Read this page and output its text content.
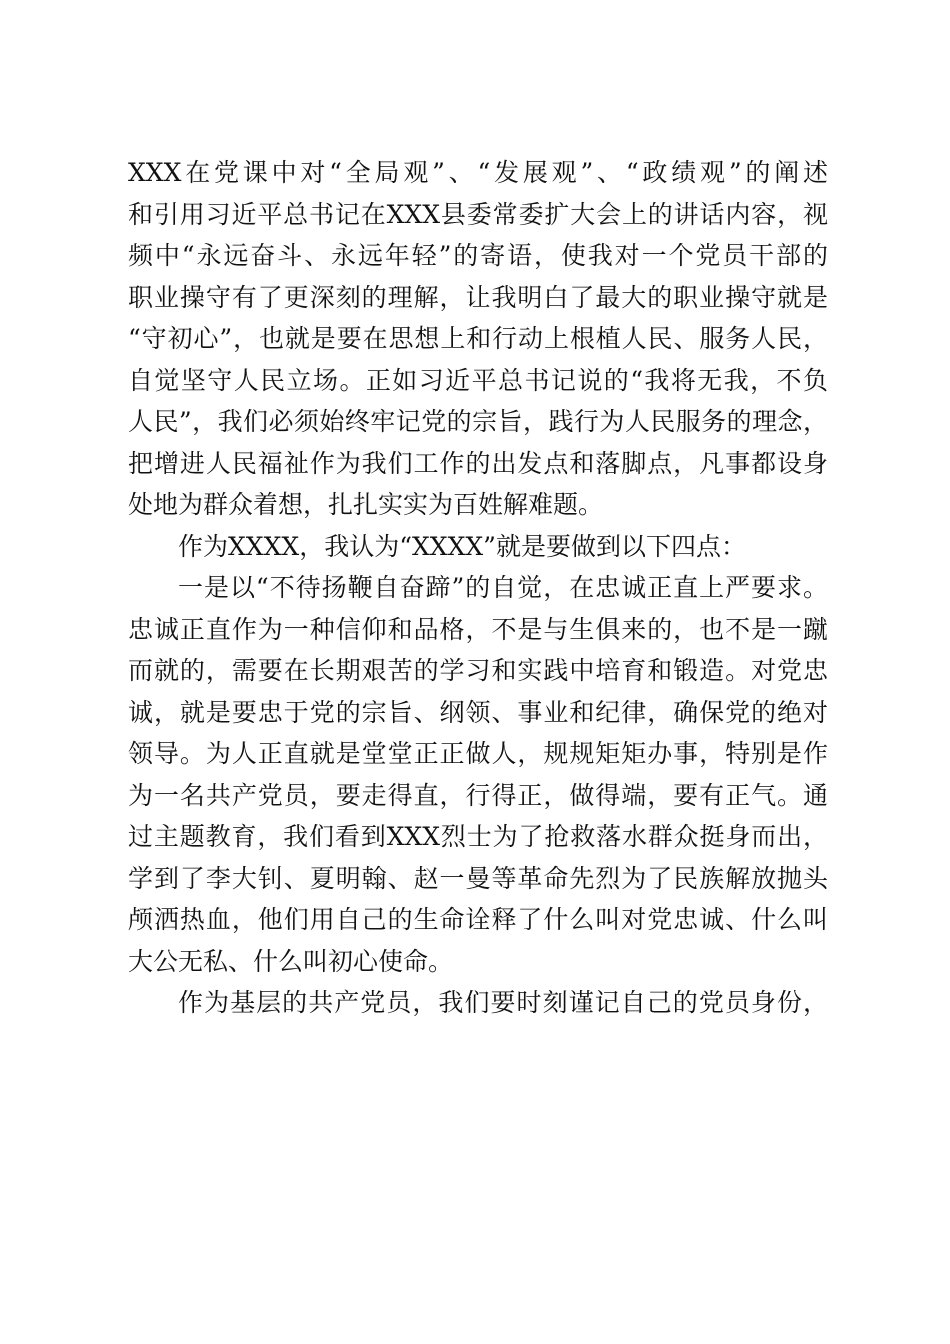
XXX在党课中对“全局观”、“发展观”、“政绩观”的阐述
和引用习近平总书记在XXX县委常委扩大会上的讲话内容，视
频中“永远奋斗、永远年轻”的寄语，使我对一个党员干部的
职业操守有了更深刻的理解，让我明白了最大的职业操守就是
“守初心”，也就是要在思想上和行动上根植人民、服务人民，
自觉坚守人民立场。正如习近平总书记说的“我将无我，不负
人民”，我们必须始终牢记党的宗旨，践行为人民服务的理念，
把增进人民福祉作为我们工作的出发点和落脚点，凡事都设身
处地为群众着想，扎扎实实为百姓解难题。
作为XXXX，我认为“XXXX”就是要做到以下四点：
一是以“不待扬鞭自奋蹄”的自觉，在忠诚正直上严要求。
忠诚正直作为一种信仰和品格，不是与生俱来的，也不是一蹴
而就的，需要在长期艰苦的学习和实践中培育和锻造。对党忠
诚，就是要忠于党的宗旨、纲领、事业和纪律，确保党的绝对
领导。为人正直就是堂堂正正做人，规规矩矩办事，特别是作
为一名共产党员，要走得直，行得正，做得端，要有正气。通
过主题教育，我们看到XXX烈士为了抢救落水群众挺身而出，
学到了李大钊、夏明翰、赵一曼等革命先烈为了民族解放抛头
颅洒热血，他们用自己的生命诠释了什么叫对党忠诚、什么叫
大公无私、什么叫初心使命。
作为基层的共产党员，我们要时刻谨记自己的党员身份，
